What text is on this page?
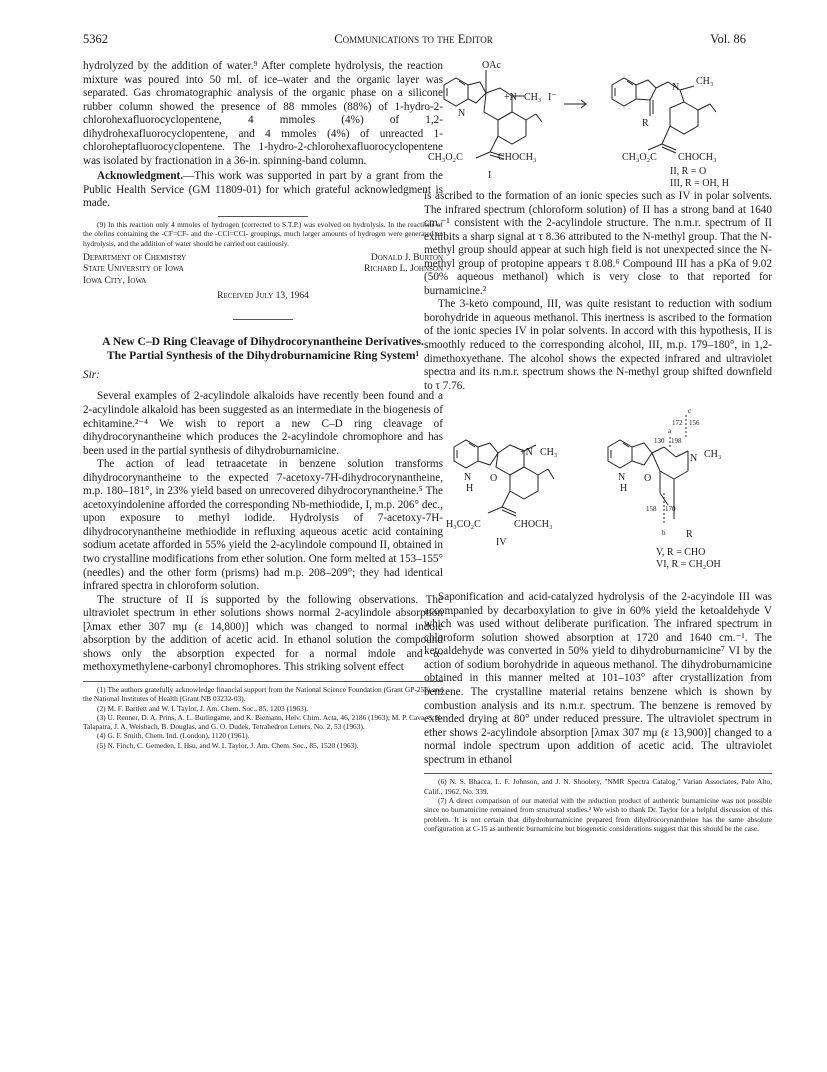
5362	Communications to the Editor	Vol. 86

hydrolyzed by the addition of water.⁹ After complete hydrolysis, the reaction mixture was poured into 50 ml. of ice–water and the organic layer was separated. Gas chromatographic analysis of the organic phase on a silicone rubber column showed the presence of 88 mmoles (88%) of 1-hydro-2-chlorohexafluorocyclopentene, 4 mmoles (4%) of 1,2-dihydrohexafluorocyclopentene, and 4 mmoles (4%) of unreacted 1-chloroheptafluorocyclopentene. The 1-hydro-2-chlorohexafluorocyclopentene was isolated by fractionation in a 36-in. spinning-band column.

Acknowledgment.—This work was supported in part by a grant from the Public Health Service (GM 11809-01) for which grateful acknowledgment is made.

(9) In this reaction only 4 mmoles of hydrogen (corrected to S.T.P.) was evolved on hydrolysis. In the reactions of the olefins containing the -CF=CF- and the -CCl=CCl- groupings, much larger amounts of hydrogen were generated on hydrolysis, and the addition of water should be carried out cautiously.

Department of Chemistry
State University of Iowa
Iowa City, Iowa
Donald J. Burton
Richard L. Johnson
Received July 13, 1964
A New C–D Ring Cleavage of Dihydrocorynantheine Derivatives. The Partial Synthesis of the Dihydroburnamicine Ring System¹

Sir:

Several examples of 2-acylindole alkaloids have recently been found and a 2-acylindole alkaloid has been suggested as an intermediate in the biogenesis of echitamine.²⁻⁴ We wish to report a new C–D ring cleavage of dihydrocorynantheine which produces the 2-acylindole chromophore and has been used in the partial synthesis of dihydroburnamicine.

The action of lead tetraacetate in benzene solution transforms dihydrocorynantheine to the expected 7-acetoxy-7H-dihydrocorynantheine, m.p. 180–181°, in 23% yield based on unrecovered dihydrocorynantheine.⁵ The acetoxyindolenine afforded the corresponding Nb-methiodide, I, m.p. 206° dec., upon exposure to methyl iodide. Hydrolysis of 7-acetoxy-7H-dihydrocorynantheine methiodide in refluxing aqueous acetic acid containing sodium acetate afforded in 55% yield the 2-acylindole compound II, obtained in two crystalline modifications from ether solution. One form melted at 153–155° (needles) and the other form (prisms) had m.p. 208–209°; they had identical infrared spectra in chloroform solution.

The structure of II is supported by the following observations. The ultraviolet spectrum in ether solutions shows normal 2-acylindole absorption [λmax ether 307 mμ (ε 14,800)] which was changed to normal indole absorption by the addition of acetic acid. In ethanol solution the compound shows only the absorption expected for a normal indole and α-methoxymethylene-carbonyl chromophores. This striking solvent effect

(1) The authors gratefully acknowledge financial support from the National Science Foundation (Grant GP-252) and the National Institutes of Health (Grant NB 03232-03).

(2) M. F. Bartlett and W. I. Taylor, J. Am. Chem. Soc., 85, 1203 (1963).

(3) U. Renner, D. A. Prins, A. L. Burlingame, and K. Biemann, Helv. Chim. Acta, 46, 2186 (1963); M. P. Cava, S. K. Talapatra, J. A. Weisbach, B. Douglas, and G. O. Dudek, Tetrahedron Letters, No. 2, 53 (1963).

(4) G. F. Smith, Chem. Ind. (London), 1120 (1961).

(5) N. Finch, C. Gemeden, I. Hsu, and W. I. Taylor, J. Am. Chem. Soc., 85, 1520 (1963).

OAc
+N CH₃ I⁻
N
CH₃O₂C	CHOCH₃
I
N
CH₃
R
CH₃O₂C CHOCH₃
II, R = O
III, R = OH, H

is ascribed to the formation of an ionic species such as IV in polar solvents. The infrared spectrum (chloroform solution) of II has a strong band at 1640 cm.⁻¹ consistent with the 2-acylindole structure. The n.m.r. spectrum of II exhibits a sharp signal at τ 8.36 attributed to the N-methyl group. That the N-methyl group should appear at such high field is not unexpected since the N-methyl group of protopine appears τ 8.08.⁶ Compound III has a pKa of 9.02 (50% aqueous methanol) which is very close to that reported for burnamicine.²

The 3-keto compound, III, was quite resistant to reduction with sodium borohydride in aqueous methanol. This inertness is ascribed to the formation of the ionic species IV in polar solvents. In accord with this hypothesis, II is smoothly reduced to the corresponding alcohol, III, m.p. 179–180°, in 1,2-dimethoxyethane. The alcohol shows the expected infrared and ultraviolet spectra and its n.m.r. spectrum shows the N-methyl group shifted downfield to τ 7.76.

+N CH₃
N
H
O
H₃CO₂C	CHOCH₃
IV
c
172 156
a
130 198
158 170
b
N CH₃
N
H
O
R
V, R = CHO
VI, R = CH₂OH

Saponification and acid-catalyzed hydrolysis of the 2-acyindole III was accompanied by decarboxylation to give in 60% yield the ketoaldehyde V which was used without deliberate purification. The infrared spectrum in chloroform solution showed absorption at 1720 and 1640 cm.⁻¹. The ketoaldehyde was converted in 50% yield to dihydroburnamicine⁷ VI by the action of sodium borohydride in aqueous methanol. The dihydroburnamicine obtained in this manner melted at 101–103° after crystallization from benzene. The crystalline material retains benzene which is shown by combustion analysis and its n.m.r. spectrum. The benzene is removed by extended drying at 80° under reduced pressure. The ultraviolet spectrum in ether shows 2-acylindole absorption [λmax 307 mμ (ε 13,900)] changed to a normal indole spectrum upon addition of acetic acid. The ultraviolet spectrum in ethanol

(6) N. S. Bhacca, L. F. Johnson, and J. N. Shoolery, "NMR Spectra Catalog," Varian Associates, Palo Alto, Calif., 1962, No. 339.

(7) A direct comparison of our material with the reduction product of authentic burnamicine was not possible since no burnamicine remained from structural studies.² We wish to thank Dr. Taylor for a helpful discussion of this problem. It is not certain that dihydroburnamicine prepared from dihydrocorynantheine has the same absolute configuration at C-15 as authentic burnamicine but biogenetic considerations suggest that this should be the case.
